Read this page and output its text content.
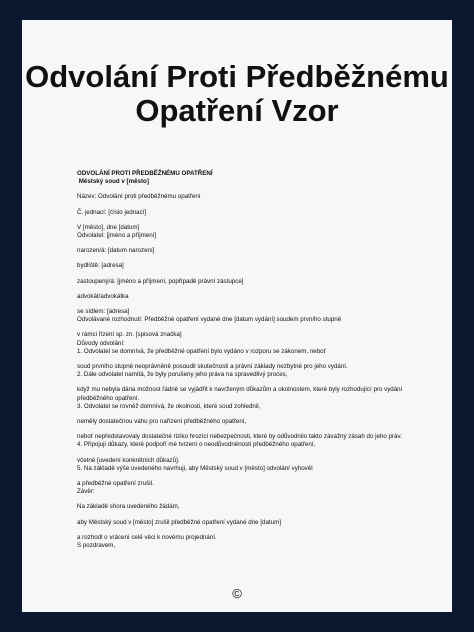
Odvolání Proti Předběžnému
Opatření Vzor

ODVOLÁNÍ PROTI PŘEDBĚŽNÉMU OPATŘENÍ

Městský soud v [město]

Název: Odvolání proti předběžnému opatření

Č. jednací: [číslo jednací]

V [město], dne [datum]

Odvolatel: [jméno a příjmení]

narozen/á: [datum narození]

bydliště: [adresa]

zastoupený/á: [jméno a příjmení, popřípadě právní zástupce]

advokát/advokátka

se sídlem: [adresa]

Odvolávané rozhodnutí: Předběžné opatření vydané dne [datum vydání] soudem prvního stupně

v rámci řízení sp. zn. [spisová značka]

Důvody odvolání:

1. Odvolatel se domnívá, že předběžné opatření bylo vydáno v rozporu se zákonem, neboť

soud prvního stupně neoprávněně posoudil skutečnosti a právní základy nezbytné pro jeho vydání.

2. Dále odvolatel namítá, že byly porušeny jeho práva na spravedlivý proces,

když mu nebyla dána možnost řádně se vyjádřit k navrženým důkazům a okolnostem, které byly rozhodující pro vydání předběžného opatření.

3. Odvolatel se rovněž domnívá, že okolnosti, které soud zohlednil,

neměly dostatečnou váhu pro nařízení předběžného opatření,

neboť nepředstavovaly dostatečné riziko hrozící nebezpečnosti, které by odůvodnilo takto závažný zásah do jeho práv.

4. Připojuji důkazy, které podpoří mé tvrzení o neodůvodněnosti předběžného opatření,

včetně [uvedení konkrétních důkazů].

5. Na základě výše uvedeného navrhuji, aby Městský soud v [město] odvolání vyhověl

a předběžné opatření zrušil.

Závěr:

Na základě shora uvedeného žádám,

aby Městský soud v [město] zrušil předběžné opatření vydané dne [datum]

a rozhodl o vrácení celé věci k novému projednání.

S pozdravem,

©
